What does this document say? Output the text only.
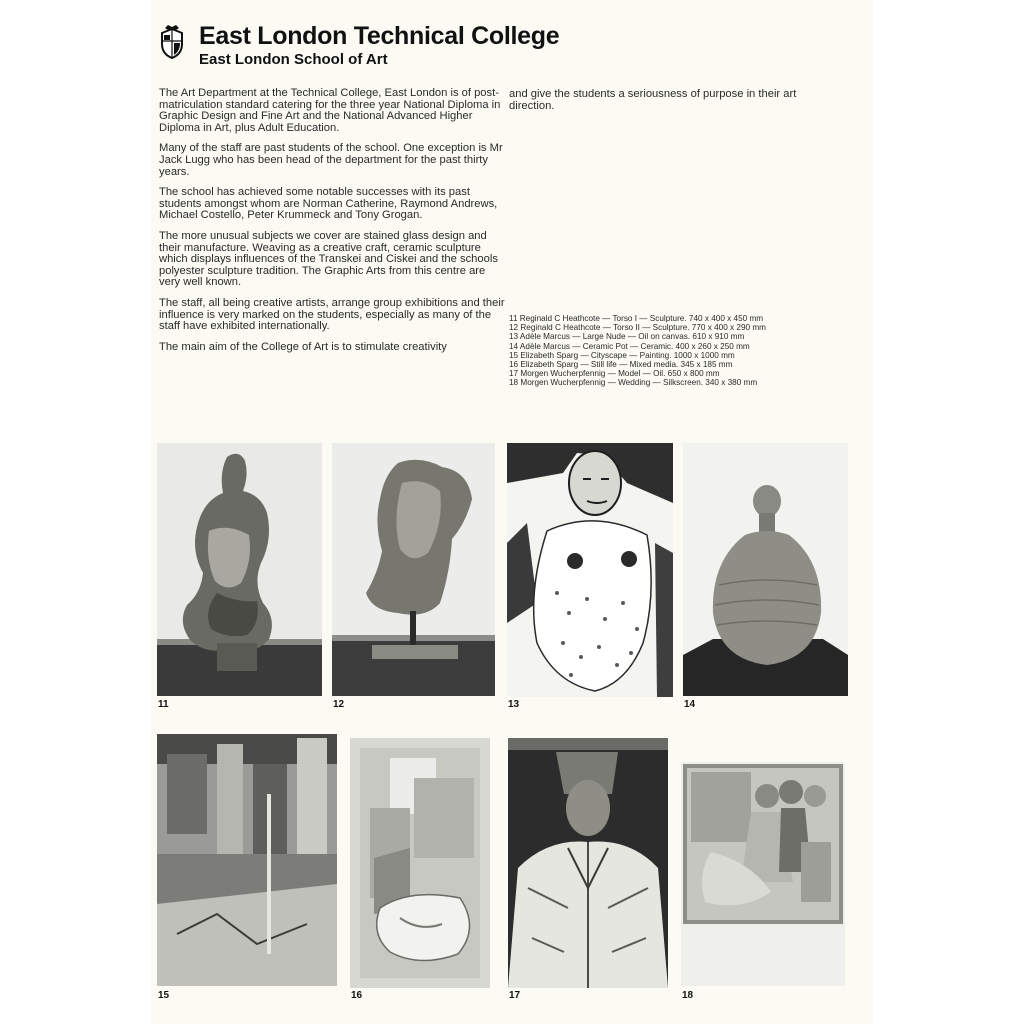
East London Technical College
East London School of Art

The Art Department at the Technical College, East London is of post-matriculation standard catering for the three year National Diploma in Graphic Design and Fine Art and the National Advanced Higher Diploma in Art, plus Adult Education.

Many of the staff are past students of the school. One exception is Mr Jack Lugg who has been head of the department for the past thirty years.

The school has achieved some notable successes with its past students amongst whom are Norman Catherine, Raymond Andrews, Michael Costello, Peter Krummeck and Tony Grogan.

The more unusual subjects we cover are stained glass design and their manufacture. Weaving as a creative craft, ceramic sculpture which displays influences of the Transkei and Ciskei and the schools polyester sculpture tradition. The Graphic Arts from this centre are very well known.

The staff, all being creative artists, arrange group exhibitions and their influence is very marked on the students, especially as many of the staff have exhibited internationally.

The main aim of the College of Art is to stimulate creativity

and give the students a seriousness of purpose in their art direction.

11 Reginald C Heathcote — Torso I — Sculpture. 740 x 400 x 450 mm
12 Reginald C Heathcote — Torso II — Sculpture. 770 x 400 x 290 mm
13 Adèle Marcus — Large Nude — Oil on canvas. 610 x 910 mm
14 Adèle Marcus — Ceramic Pot — Ceramic. 400 x 260 x 250 mm
15 Elizabeth Sparg — Cityscape — Painting. 1000 x 1000 mm
16 Elizabeth Sparg — Still life — Mixed media. 345 x 185 mm
17 Morgen Wucherpfennig — Model — Oil. 650 x 800 mm
18 Morgen Wucherpfennig — Wedding — Silkscreen. 340 x 380 mm
11	12	13	14
15	16	17	18
